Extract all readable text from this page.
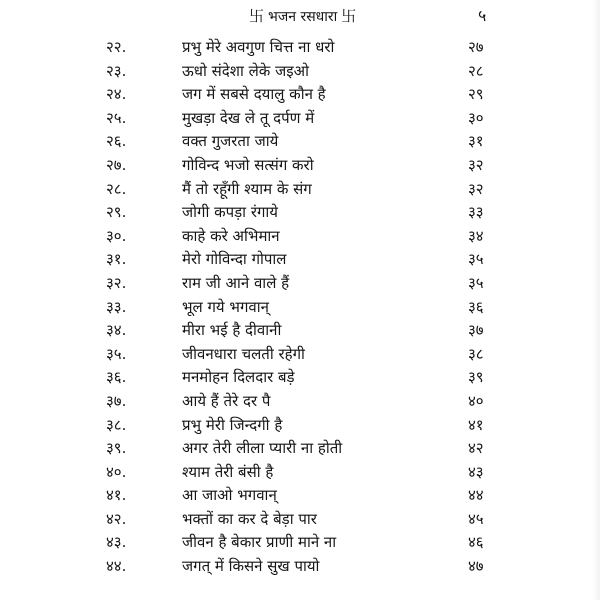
卐 भजन रसधारा 卐	५
२२.	प्रभु मेरे अवगुण चित्त ना धरो	२७
२३.	ऊधो संदेशा लेके जइओ	२८
२४.	जग में सबसे दयालु कौन है	२९
२५.	मुखड़ा देख ले तू दर्पण में	३०
२६.	वक्त गुजरता जाये	३१
२७.	गोविन्द भजो सत्संग करो	३२
२८.	मैं तो रहूँगी श्याम के संग	३२
२९.	जोगी कपड़ा रंगाये	३३
३०.	काहे करे अभिमान	३४
३१.	मेरो गोविन्दा गोपाल	३५
३२.	राम जी आने वाले हैं	३५
३३.	भूल गये भगवान्	३६
३४.	मीरा भई है दीवानी	३७
३५.	जीवनधारा चलती रहेगी	३८
३६.	मनमोहन दिलदार बड़े	३९
३७.	आये हैं तेरे दर पै	४०
३८.	प्रभु मेरी जिन्दगी है	४१
३९.	अगर तेरी लीला प्यारी ना होती	४२
४०.	श्याम तेरी बंसी है	४३
४१.	आ जाओ भगवान्	४४
४२.	भक्तों का कर दे बेड़ा पार	४५
४३.	जीवन है बेकार प्राणी माने ना	४६
४४.	जगत् में किसने सुख पायो	४७
